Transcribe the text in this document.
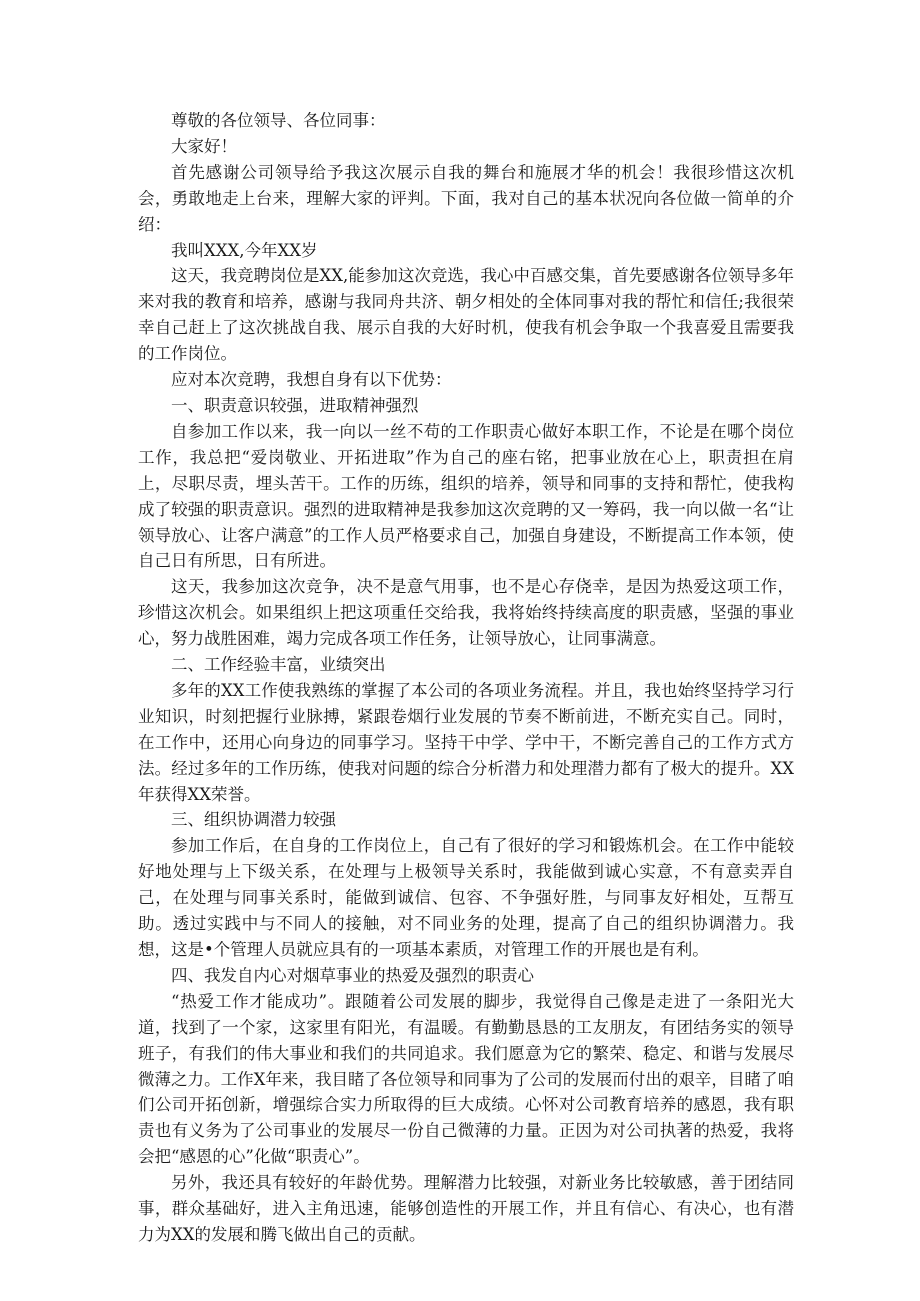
尊敬的各位领导、各位同事：

大家好！

首先感谢公司领导给予我这次展示自我的舞台和施展才华的机会！我很珍惜这次机会，勇敢地走上台来，理解大家的评判。下面，我对自己的基本状况向各位做一简单的介绍：

我叫XXX,今年XX岁

这天，我竞聘岗位是XX,能参加这次竞选，我心中百感交集，首先要感谢各位领导多年来对我的教育和培养，感谢与我同舟共济、朝夕相处的全体同事对我的帮忙和信任;我很荣幸自己赶上了这次挑战自我、展示自我的大好时机，使我有机会争取一个我喜爱且需要我的工作岗位。

应对本次竞聘，我想自身有以下优势：

一、职责意识较强，进取精神强烈

自参加工作以来，我一向以一丝不苟的工作职责心做好本职工作，不论是在哪个岗位工作，我总把“爱岗敬业、开拓进取”作为自己的座右铭，把事业放在心上，职责担在肩上，尽职尽责，埋头苦干。工作的历练，组织的培养，领导和同事的支持和帮忙，使我构成了较强的职责意识。强烈的进取精神是我参加这次竞聘的又一筹码，我一向以做一名“让领导放心、让客户满意”的工作人员严格要求自己，加强自身建设，不断提高工作本领，使自己日有所思，日有所进。

这天，我参加这次竞争，决不是意气用事，也不是心存侥幸，是因为热爱这项工作，珍惜这次机会。如果组织上把这项重任交给我，我将始终持续高度的职责感，坚强的事业心，努力战胜困难，竭力完成各项工作任务，让领导放心，让同事满意。

二、工作经验丰富，业绩突出

多年的XX工作使我熟练的掌握了本公司的各项业务流程。并且，我也始终坚持学习行业知识，时刻把握行业脉搏，紧跟卷烟行业发展的节奏不断前进，不断充实自己。同时，在工作中，还用心向身边的同事学习。坚持干中学、学中干，不断完善自己的工作方式方法。经过多年的工作历练，使我对问题的综合分析潜力和处理潜力都有了极大的提升。XX年获得XX荣誉。

三、组织协调潜力较强

参加工作后，在自身的工作岗位上，自己有了很好的学习和锻炼机会。在工作中能较好地处理与上下级关系，在处理与上极领导关系时，我能做到诚心实意，不有意卖弄自己，在处理与同事关系时，能做到诚信、包容、不争强好胜，与同事友好相处，互帮互助。透过实践中与不同人的接触，对不同业务的处理，提高了自己的组织协调潜力。我想，这是•个管理人员就应具有的一项基本素质，对管理工作的开展也是有利。

四、我发自内心对烟草事业的热爱及强烈的职责心

“热爱工作才能成功”。跟随着公司发展的脚步，我觉得自己像是走进了一条阳光大道，找到了一个家，这家里有阳光，有温暖。有勤勤恳恳的工友朋友，有团结务实的领导班子，有我们的伟大事业和我们的共同追求。我们愿意为它的繁荣、稳定、和谐与发展尽微薄之力。工作X年来，我目睹了各位领导和同事为了公司的发展而付出的艰辛，目睹了咱们公司开拓创新，增强综合实力所取得的巨大成绩。心怀对公司教育培养的感恩，我有职责也有义务为了公司事业的发展尽一份自己微薄的力量。正因为对公司执著的热爱，我将会把“感恩的心”化做“职责心”。

另外，我还具有较好的年龄优势。理解潜力比较强，对新业务比较敏感，善于团结同事，群众基础好，进入主角迅速，能够创造性的开展工作，并且有信心、有决心，也有潜力为XX的发展和腾飞做出自己的贡献。
